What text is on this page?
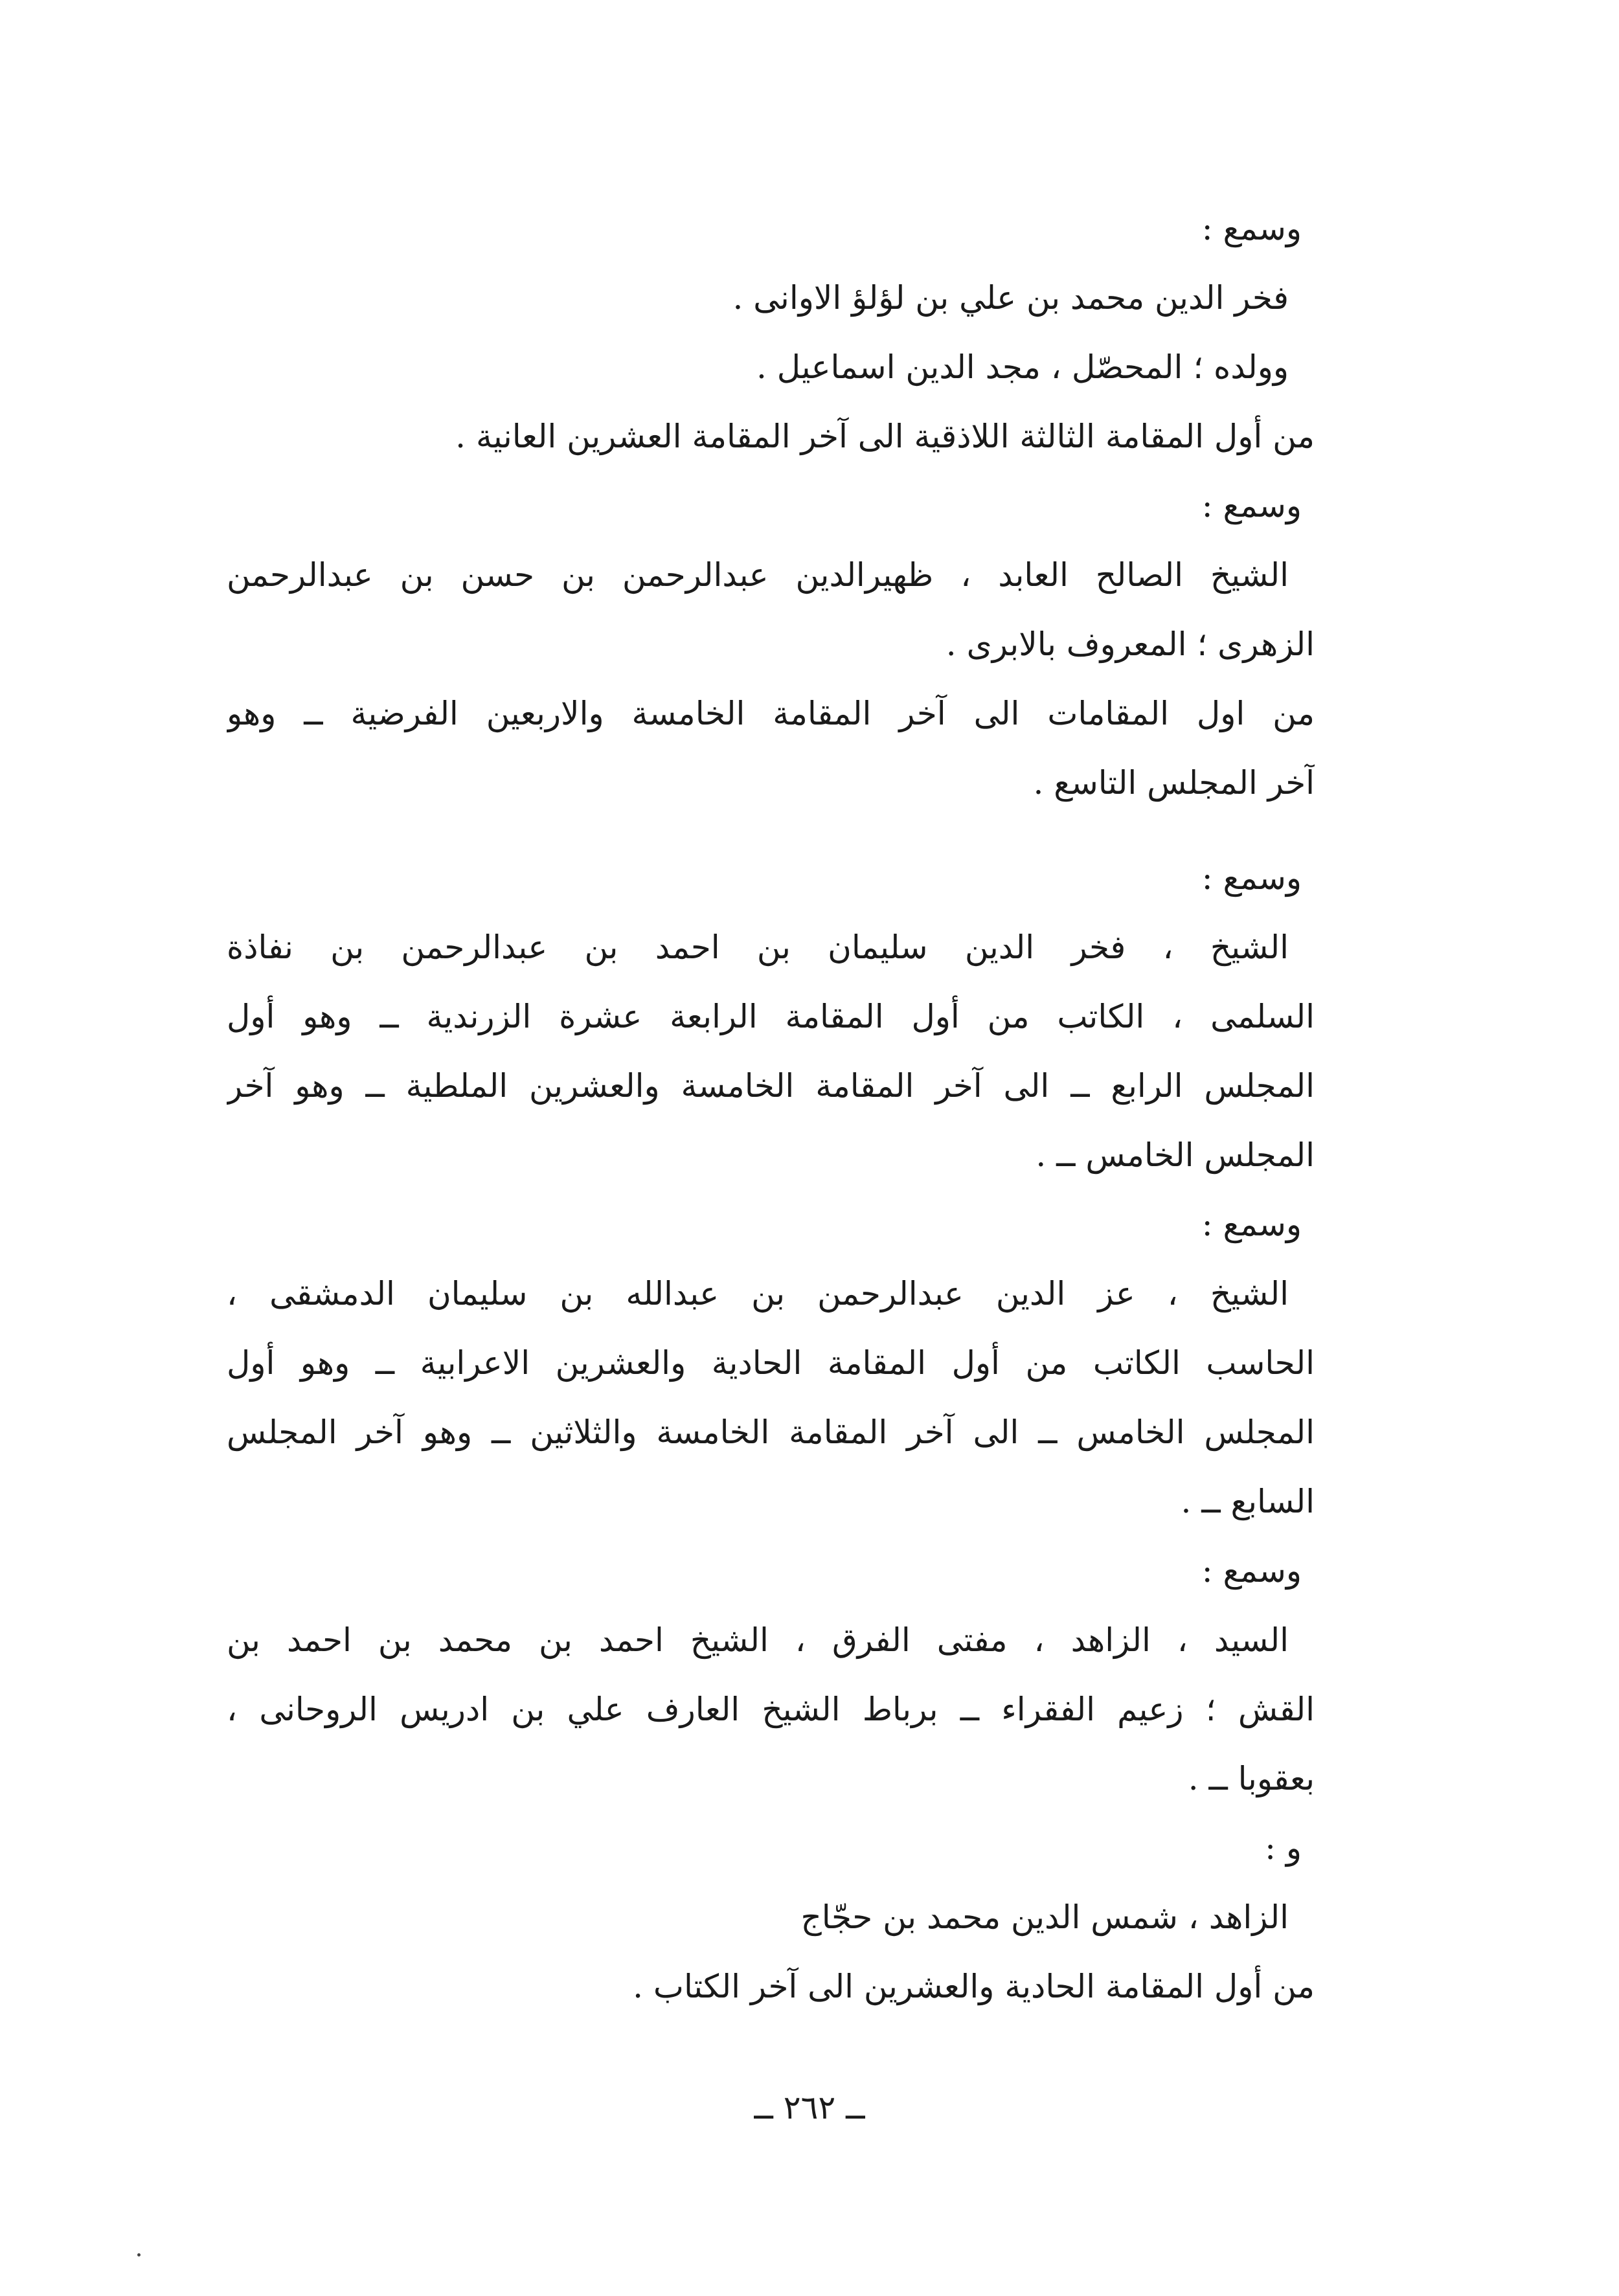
وسمع :
فخر الدين محمد بن علي بن لؤلؤ الاوانى .
وولده ؛ المحصّل ، مجد الدين اسماعيل .
من أول المقامة الثالثة اللاذقية الى آخر المقامة العشرين العانية .
وسمع :
الشيخ الصالح العابد ، ظهيرالدين عبدالرحمن بن حسن بن عبدالرحمن
الزهرى ؛ المعروف بالابرى .
من اول المقامات الى آخر المقامة الخامسة والاربعين الفرضية ــ وهو
آخر المجلس التاسع .
وسمع :
الشيخ ، فخر الدين سليمان بن احمد بن عبدالرحمن بن نفاذة
السلمى ، الكاتب من أول المقامة الرابعة عشرة الزرندية ــ وهو أول
المجلس الرابع ــ الى آخر المقامة الخامسة والعشرين الملطية ــ وهو آخر
المجلس الخامس ــ .
وسمع :
الشيخ ، عز الدين عبدالرحمن بن عبدالله بن سليمان الدمشقى ،
الحاسب الكاتب من أول المقامة الحادية والعشرين الاعرابية ــ وهو أول
المجلس الخامس ــ الى آخر المقامة الخامسة والثلاثين ــ وهو آخر المجلس
السابع ــ .
وسمع :
السيد ، الزاهد ، مفتى الفرق ، الشيخ احمد بن محمد بن احمد بن
القش ؛ زعيم الفقراء ــ برباط الشيخ العارف علي بن ادريس الروحانى ،
بعقوبا ــ .
و :
الزاهد ، شمس الدين محمد بن حجّاج
من أول المقامة الحادية والعشرين الى آخر الكتاب .
ــ ٢٦٢ ــ
